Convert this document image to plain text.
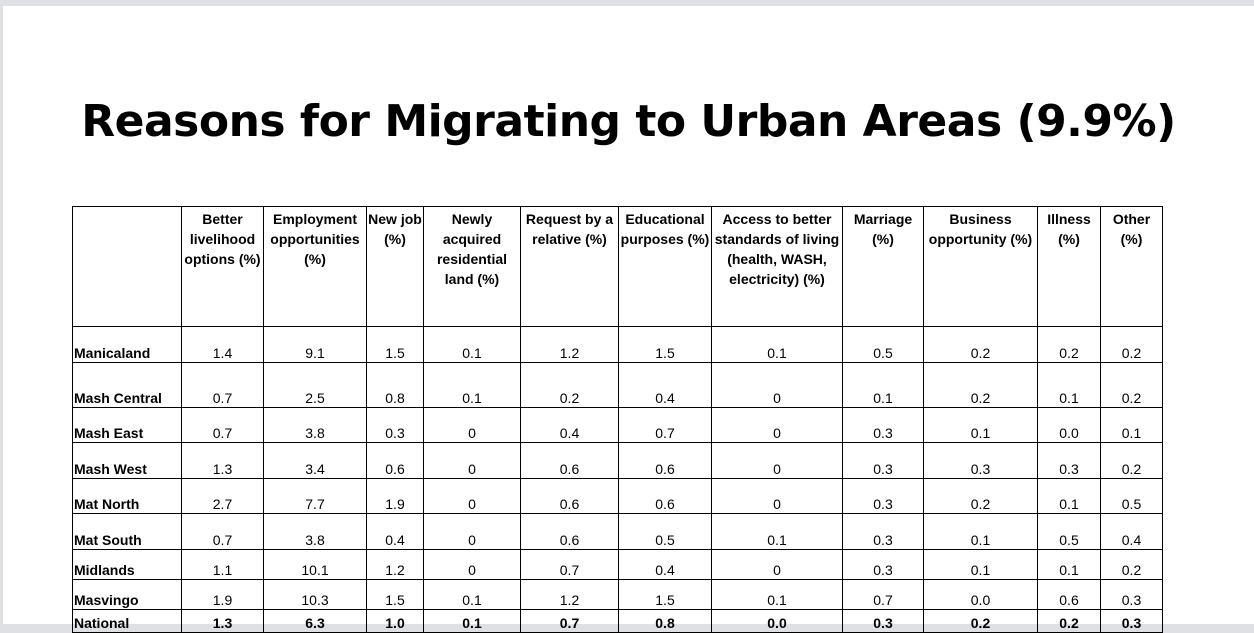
Reasons for Migrating to Urban Areas (9.9%)
	Better livelihood options (%)	Employment opportunities (%)	New job (%)	Newly acquired residential land (%)	Request by a relative (%)	Educational purposes (%)	Access to better standards of living (health, WASH, electricity) (%)	Marriage (%)	Business opportunity (%)	Illness (%)	Other (%)
Manicaland	1.4	9.1	1.5	0.1	1.2	1.5	0.1	0.5	0.2	0.2	0.2
Mash Central	0.7	2.5	0.8	0.1	0.2	0.4	0	0.1	0.2	0.1	0.2
Mash East	0.7	3.8	0.3	0	0.4	0.7	0	0.3	0.1	0.0	0.1
Mash West	1.3	3.4	0.6	0	0.6	0.6	0	0.3	0.3	0.3	0.2
Mat North	2.7	7.7	1.9	0	0.6	0.6	0	0.3	0.2	0.1	0.5
Mat South	0.7	3.8	0.4	0	0.6	0.5	0.1	0.3	0.1	0.5	0.4
Midlands	1.1	10.1	1.2	0	0.7	0.4	0	0.3	0.1	0.1	0.2
Masvingo	1.9	10.3	1.5	0.1	1.2	1.5	0.1	0.7	0.0	0.6	0.3
National	1.3	6.3	1.0	0.1	0.7	0.8	0.0	0.3	0.2	0.2	0.3
